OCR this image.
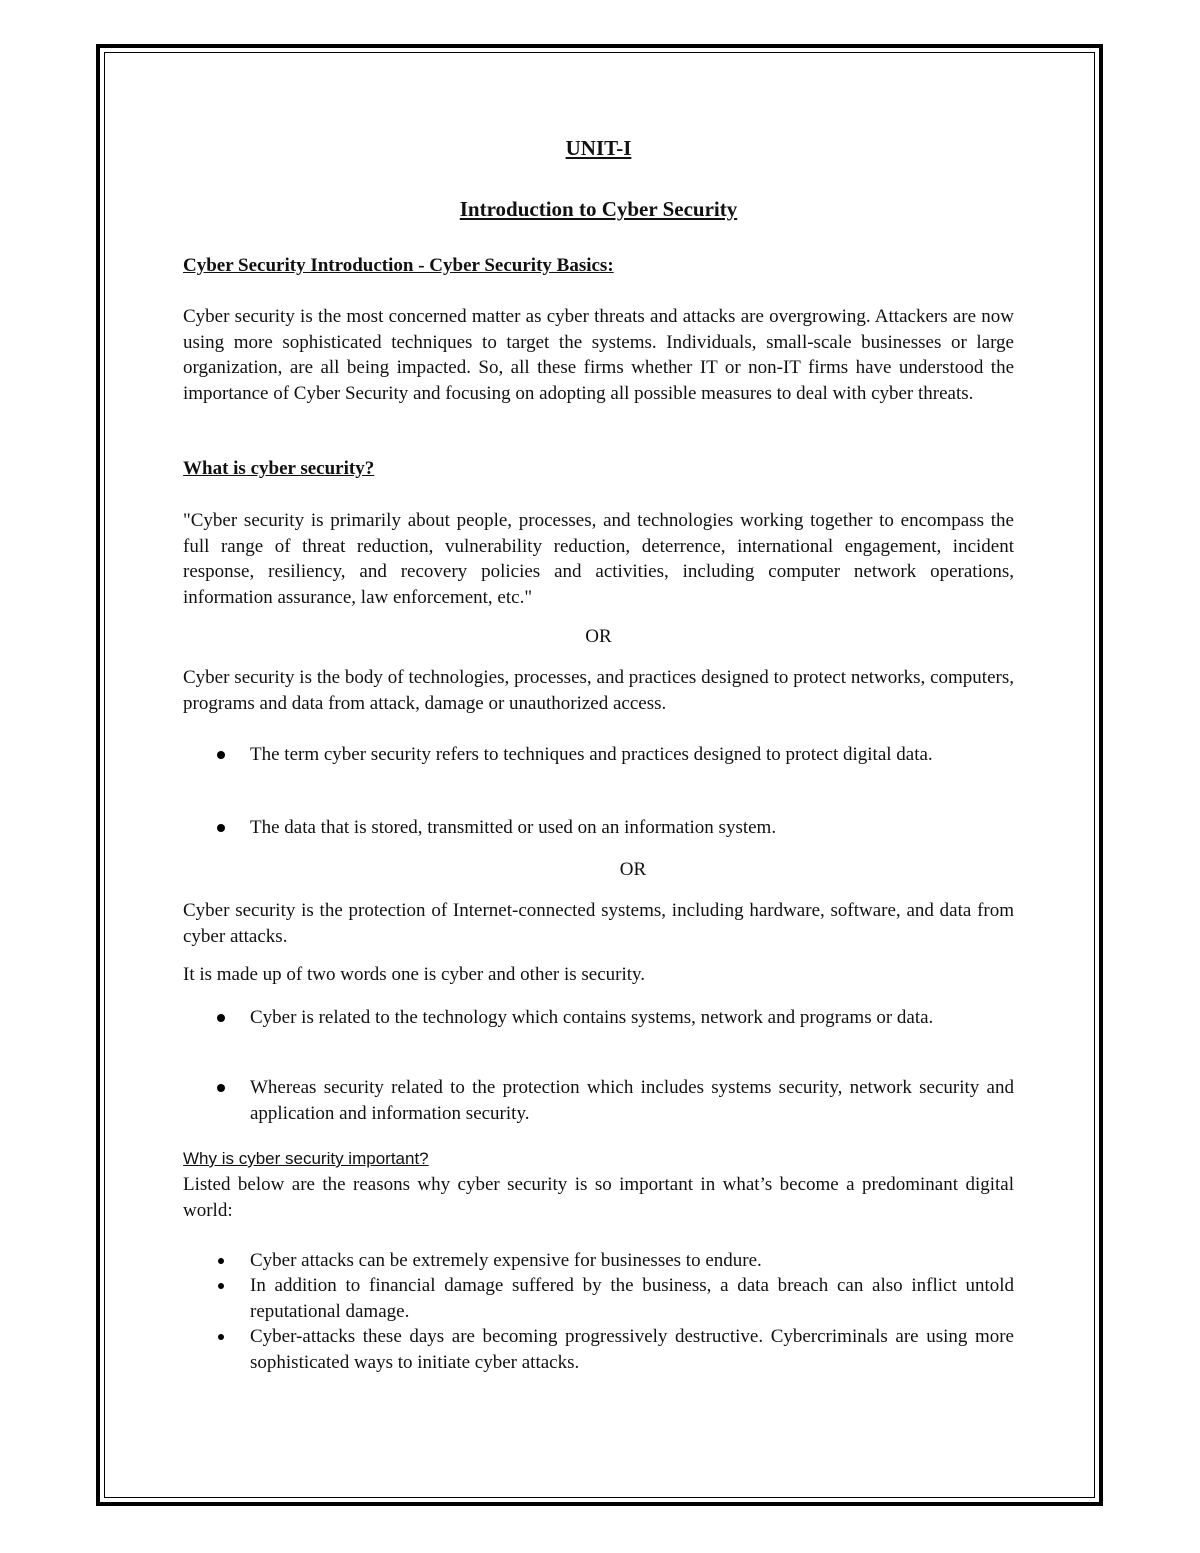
UNIT-I

Introduction to Cyber Security

Cyber Security Introduction - Cyber Security Basics:

Cyber security is the most concerned matter as cyber threats and attacks are overgrowing. Attackers are now using more sophisticated techniques to target the systems. Individuals, small-scale businesses or large organization, are all being impacted. So, all these firms whether IT or non-IT firms have understood the importance of Cyber Security and focusing on adopting all possible measures to deal with cyber threats.

What is cyber security?

"Cyber security is primarily about people, processes, and technologies working together to encompass the full range of threat reduction, vulnerability reduction, deterrence, international engagement, incident response, resiliency, and recovery policies and activities, including computer network operations, information assurance, law enforcement, etc."

OR

Cyber security is the body of technologies, processes, and practices designed to protect networks, computers, programs and data from attack, damage or unauthorized access.

The term cyber security refers to techniques and practices designed to protect digital data.
The data that is stored, transmitted or used on an information system.

OR

Cyber security is the protection of Internet-connected systems, including hardware, software, and data from cyber attacks.

It is made up of two words one is cyber and other is security.

Cyber is related to the technology which contains systems, network and programs or data.
Whereas security related to the protection which includes systems security, network security and application and information security.

Why is cyber security important?

Listed below are the reasons why cyber security is so important in what’s become a predominant digital world:

Cyber attacks can be extremely expensive for businesses to endure.
In addition to financial damage suffered by the business, a data breach can also inflict untold reputational damage.
Cyber-attacks these days are becoming progressively destructive. Cybercriminals are using more sophisticated ways to initiate cyber attacks.
